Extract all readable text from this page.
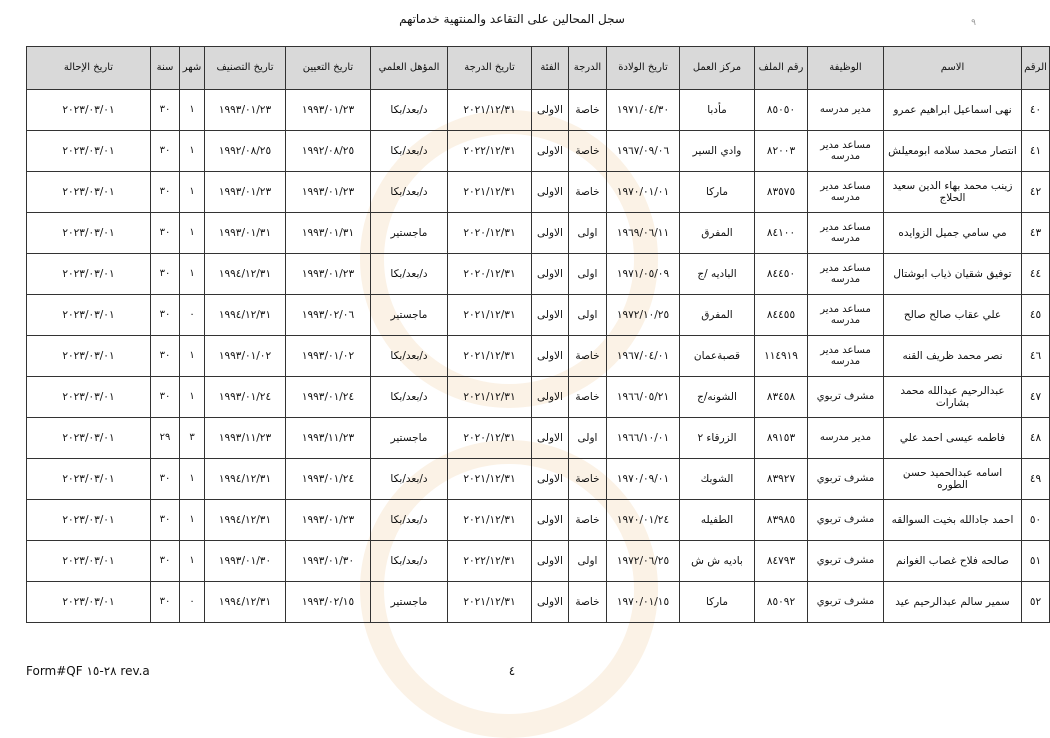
سجل المحالين على التقاعد والمنتهية خدماتهم	٩
الرقم	الاسم	الوظيفة	رقم الملف	مركز العمل	تاريخ الولادة	الدرجة	الفئة	تاريخ الدرجة	المؤهل العلمي	تاريخ التعيين	تاريخ التصنيف	شهر	سنة	تاريخ الإحالة
٤٠	نهى اسماعيل ابراهيم عمرو	مدير مدرسه	٨٥٠٥٠	مأدبا	١٩٧١/٠٤/٣٠	خاصة	الاولى	٢٠٢١/١٢/٣١	د/بعد/بكا	١٩٩٣/٠١/٢٣	١٩٩٣/٠١/٢٣	١	٣٠	٢٠٢٣/٠٣/٠١
٤١	انتصار محمد سلامه ابومعيلش	مساعد مدير مدرسه	٨٢٠٠٣	وادي السير	١٩٦٧/٠٩/٠٦	خاصة	الاولى	٢٠٢٢/١٢/٣١	د/بعد/بكا	١٩٩٢/٠٨/٢٥	١٩٩٢/٠٨/٢٥	١	٣٠	٢٠٢٣/٠٣/٠١
٤٢	زينب محمد بهاء الدين سعيد الحلاج	مساعد مدير مدرسه	٨٣٥٧٥	ماركا	١٩٧٠/٠١/٠١	خاصة	الاولى	٢٠٢١/١٢/٣١	د/بعد/بكا	١٩٩٣/٠١/٢٣	١٩٩٣/٠١/٢٣	١	٣٠	٢٠٢٣/٠٣/٠١
٤٣	مي سامي جميل الزوايده	مساعد مدير مدرسه	٨٤١٠٠	المفرق	١٩٦٩/٠٦/١١	اولى	الاولى	٢٠٢٠/١٢/٣١	ماجستير	١٩٩٣/٠١/٣١	١٩٩٣/٠١/٣١	١	٣٠	٢٠٢٣/٠٣/٠١
٤٤	توفيق شقيان ذياب ابوشتال	مساعد مدير مدرسه	٨٤٤٥٠	الباديه /ج	١٩٧١/٠٥/٠٩	اولى	الاولى	٢٠٢٠/١٢/٣١	د/بعد/بكا	١٩٩٣/٠١/٢٣	١٩٩٤/١٢/٣١	١	٣٠	٢٠٢٣/٠٣/٠١
٤٥	علي عقاب صالح صالح	مساعد مدير مدرسه	٨٤٤٥٥	المفرق	١٩٧٢/١٠/٢٥	اولى	الاولى	٢٠٢١/١٢/٣١	ماجستير	١٩٩٣/٠٢/٠٦	١٩٩٤/١٢/٣١	٠	٣٠	٢٠٢٣/٠٣/٠١
٤٦	نصر محمد ظريف القنه	مساعد مدير مدرسه	١١٤٩١٩	قصبةعمان	١٩٦٧/٠٤/٠١	خاصة	الاولى	٢٠٢١/١٢/٣١	د/بعد/بكا	١٩٩٣/٠١/٠٢	١٩٩٣/٠١/٠٢	١	٣٠	٢٠٢٣/٠٣/٠١
٤٧	عبدالرحيم عبدالله محمد بشارات	مشرف تربوي	٨٣٤٥٨	الشونه/ج	١٩٦٦/٠٥/٢١	خاصة	الاولى	٢٠٢١/١٢/٣١	د/بعد/بكا	١٩٩٣/٠١/٢٤	١٩٩٣/٠١/٢٤	١	٣٠	٢٠٢٣/٠٣/٠١
٤٨	فاطمه عيسى احمد علي	مدير مدرسه	٨٩١٥٣	الزرقاء ٢	١٩٦٦/١٠/٠١	اولى	الاولى	٢٠٢٠/١٢/٣١	ماجستير	١٩٩٣/١١/٢٣	١٩٩٣/١١/٢٣	٣	٢٩	٢٠٢٣/٠٣/٠١
٤٩	اسامه عبدالحميد حسن الطوره	مشرف تربوي	٨٣٩٢٧	الشوبك	١٩٧٠/٠٩/٠١	خاصة	الاولى	٢٠٢١/١٢/٣١	د/بعد/بكا	١٩٩٣/٠١/٢٤	١٩٩٤/١٢/٣١	١	٣٠	٢٠٢٣/٠٣/٠١
٥٠	احمد جادالله بخيت السوالقه	مشرف تربوي	٨٣٩٨٥	الطفيله	١٩٧٠/٠١/٢٤	خاصة	الاولى	٢٠٢١/١٢/٣١	د/بعد/بكا	١٩٩٣/٠١/٢٣	١٩٩٤/١٢/٣١	١	٣٠	٢٠٢٣/٠٣/٠١
٥١	صالحه فلاح غصاب الغوانم	مشرف تربوي	٨٤٧٩٣	باديه ش ش	١٩٧٢/٠٦/٢٥	اولى	الاولى	٢٠٢٢/١٢/٣١	د/بعد/بكا	١٩٩٣/٠١/٣٠	١٩٩٣/٠١/٣٠	١	٣٠	٢٠٢٣/٠٣/٠١
٥٢	سمير سالم عبدالرحيم عيد	مشرف تربوي	٨٥٠٩٢	ماركا	١٩٧٠/٠١/١٥	خاصة	الاولى	٢٠٢١/١٢/٣١	ماجستير	١٩٩٣/٠٢/١٥	١٩٩٤/١٢/٣١	٠	٣٠	٢٠٢٣/٠٣/٠١
Form#QF ٢٨-١٥ rev.a	٤
